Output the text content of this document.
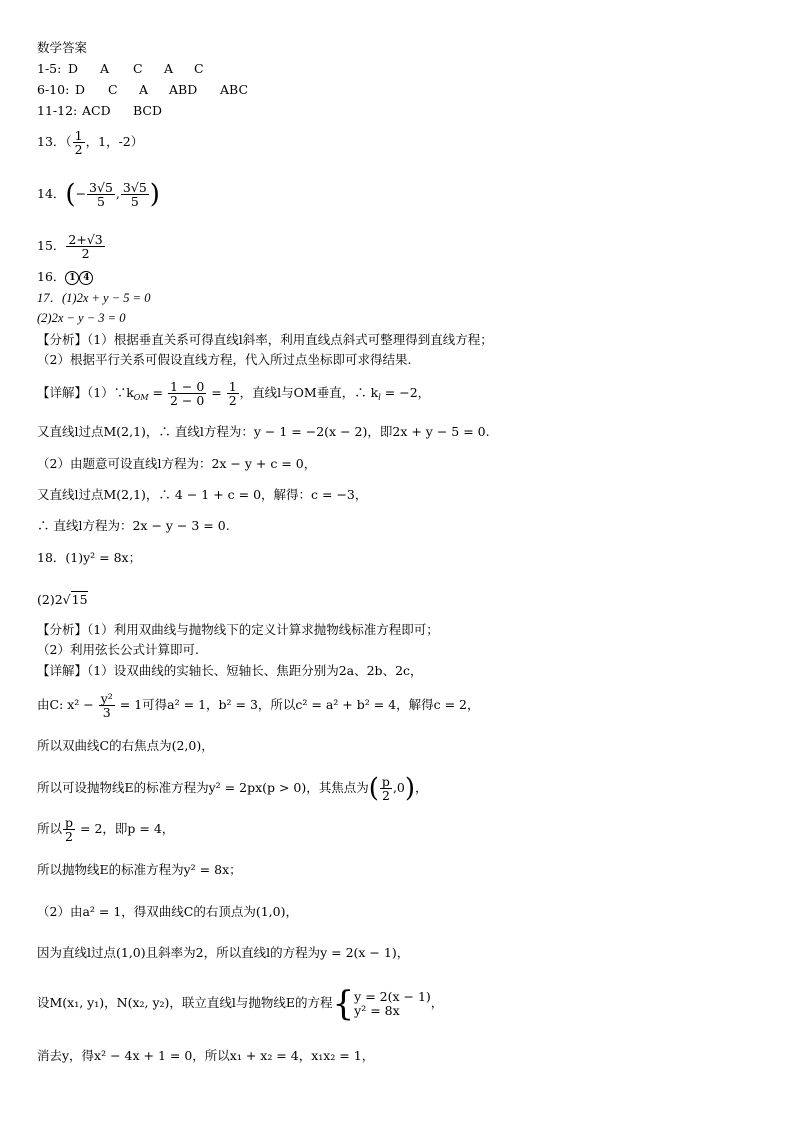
数学答案
1-5: D A C A C
6-10: D C A ABD ABC
11-12: ACD BCD
13．（ $\frac{1}{2}$ ，1，-2）
14．(− $\frac{3√5}{5}$ , $\frac{3√5}{5}$ )
15． $\frac{2+√3}{2}$
16． 1 4
17．(1)2x + y − 5 = 0
(2)2x − y − 3 = 0
【分析】（1）根据垂直关系可得直线l斜率，利用直线点斜式可整理得到直线方程；
（2）根据平行关系可假设直线方程，代入所过点坐标即可求得结果.
【详解】$(1)\because k_{OM} = \frac{1 - 0}{2 - 0} = \frac{1}{2}$ ，直线l与OM垂直，∴ $k_l = -2$，
又直线l过点M(2,1)，∴ 直线l方程为：y − 1 = −2(x − 2)，即2x + y − 5 = 0.
（2）由题意可设直线l方程为：2x − y + c = 0，
又直线l过点M(2,1)，∴ 4 − 1 + c = 0，解得：c = −3，
∴ 直线l方程为：2x − y − 3 = 0.
18．(1)y² = 8x；
(2)2√15
【分析】（1）利用双曲线与抛物线下的定义计算求抛物线标准方程即可；
（2）利用弦长公式计算即可.
【详解】（1）设双曲线的实轴长、短轴长、焦距分别为2a、2b、2c，
由C: $x^2 - \frac{\text{y²}}{3} = 1$可得a² = 1，b² = 3，所以c² = a² + b² = 4，解得c = 2，
所以双曲线C的右焦点为(2,0)，
所以可设抛物线E的标准方程为y² = 2px(p > 0)，其焦点为( $\frac{p}{2} ,0$)，
所以 $\frac{p}{2} = 2$，即p = 4，
所以抛物线E的标准方程为y² = 8x；
（2）由a² = 1，得双曲线C的右顶点为(1,0)，
因为直线l过点(1,0)且斜率为2，所以直线l的方程为y = 2(x − 1)，
设M(x₁, y₁)，N(x₂, y₂)，联立直线l与抛物线E的方程{ y = 2(x − 1)
y² = 8x	，
消去y，得x² − 4x + 1 = 0，所以x₁ + x₂ = 4，x₁x₂ = 1，
